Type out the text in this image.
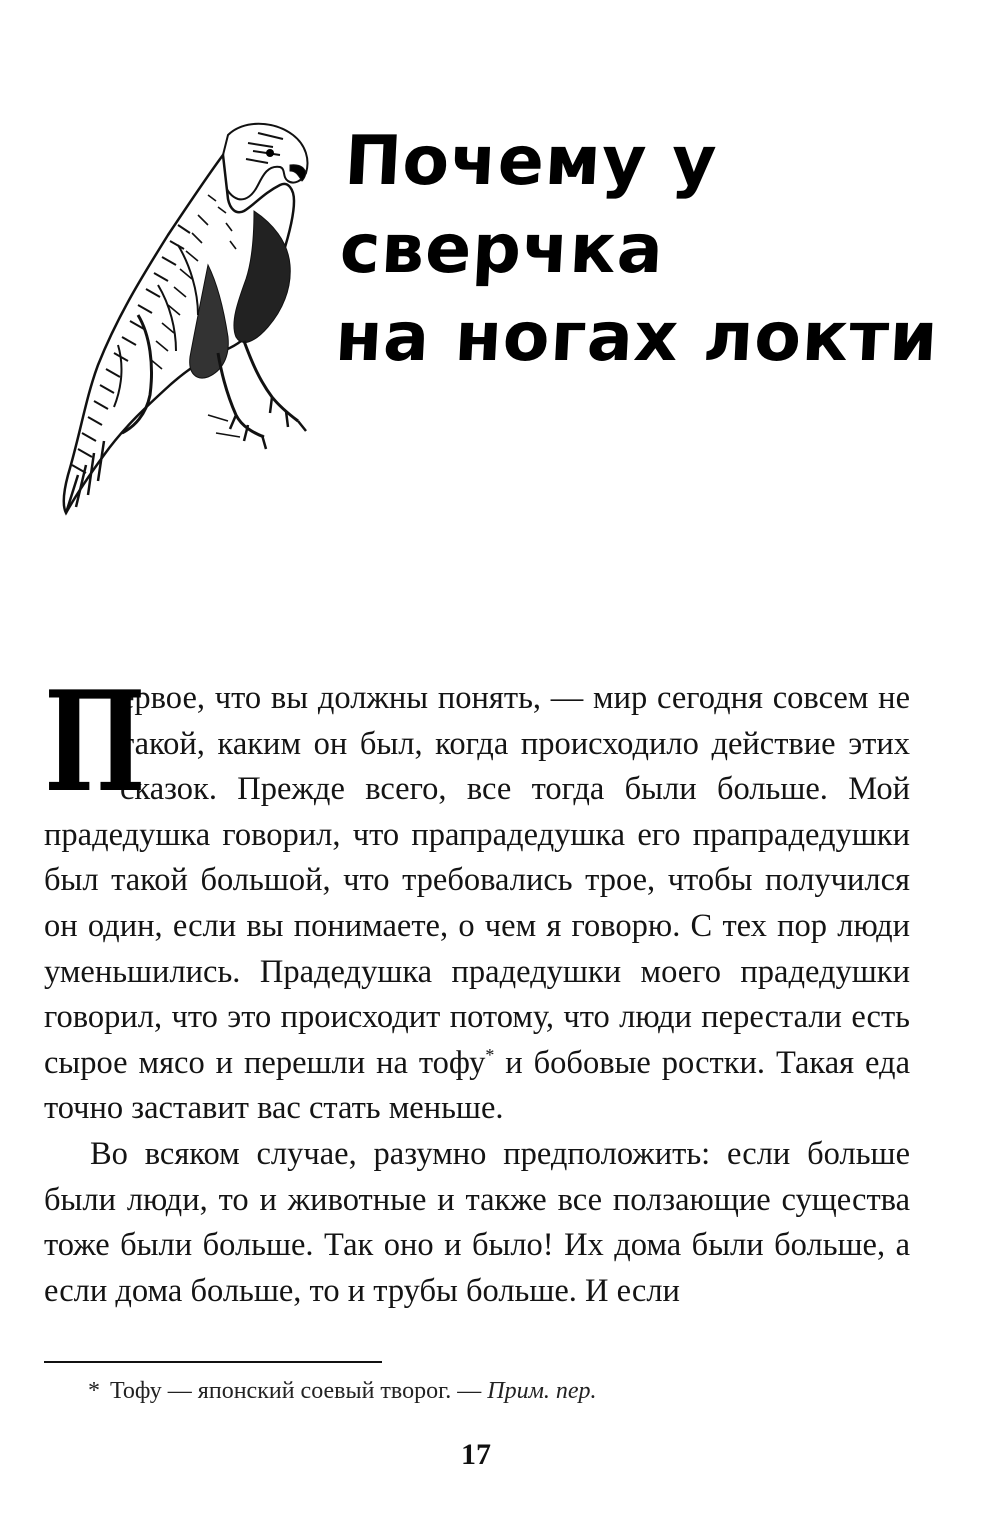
Почему у сверчка
на ногах локти

П
ервое, что вы должны понять, — мир сегодня совсем не такой, каким он был, когда происходило действие этих сказок. Прежде всего, все тогда были больше. Мой прадедушка говорил, что прапрадедушка его прапрадедушки был такой большой, что требовались трое, чтобы получился он один, если вы понимаете, о чем я говорю. С тех пор люди уменьшились. Прадедушка прадедушки моего прадедушки говорил, что это происходит потому, что люди перестали есть сырое мясо и перешли на тофу* и бобовые ростки. Такая еда точно заставит вас стать меньше.

Во всяком случае, разумно предположить: если больше были люди, то и животные и также все ползающие существа тоже были больше. Так оно и было! Их дома были больше, а если дома больше, то и трубы больше. И если

* Тофу — японский соевый творог. — Прим. пер.
17
